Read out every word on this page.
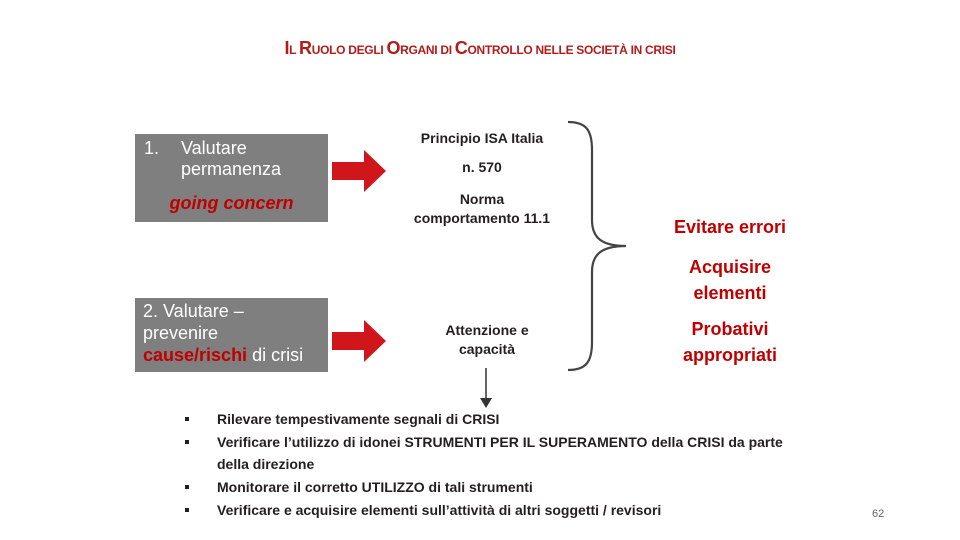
IL RUOLO DEGLI ORGANI DI CONTROLLO NELLE SOCIETÀ IN CRISI
1. Valutare
permanenza
going concern
2. Valutare –
prevenire
cause/rischi di crisi
Principio ISA Italia
n. 570
Norma
comportamento 11.1
Attenzione e
capacità
Evitare errori
Acquisire
elementi
Probativi
appropriati
Rilevare tempestivamente segnali di CRISI
Verificare l’utilizzo di idonei STRUMENTI PER IL SUPERAMENTO della CRISI da parte della direzione
Monitorare il corretto UTILIZZO di tali strumenti
Verificare e acquisire elementi sull’attività di altri soggetti / revisori	62
